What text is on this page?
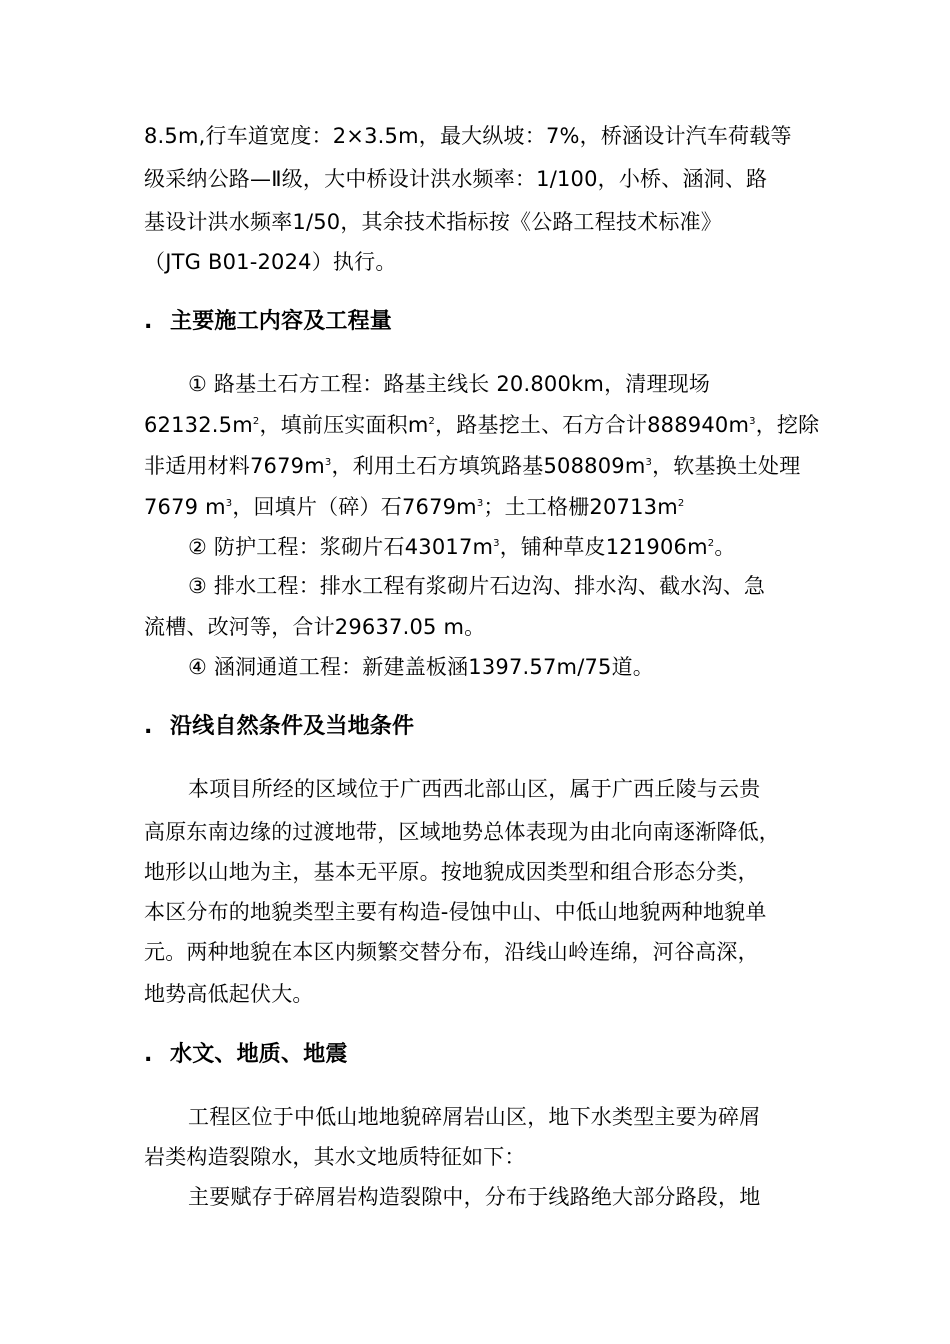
8.5m,行车道宽度：2×3.5m，最大纵坡：7%，桥涵设计汽车荷载等
级采纳公路—Ⅱ级，大中桥设计洪水频率：1/100，小桥、涵洞、路
基设计洪水频率1/50，其余技术指标按《公路工程技术标准》
（JTG B01-2024）执行。
. 主要施工内容及工程量
① 路基土石方工程：路基主线长 20.800km，清理现场
$62132.5m^2$，填前压实面积$m^2$，路基挖土、石方合计$888940m^3$，挖除
非适用材料$7679m^3$，利用土石方填筑路基$508809m^3$，软基换土处理
7679 $m^3$，回填片（碎）石$7679m^3$；土工格栅$20713m^2$
② 防护工程：浆砌片石$43017m^3$，铺种草皮$121906m^2$。
③ 排水工程：排水工程有浆砌片石边沟、排水沟、截水沟、急
流槽、改河等，合计29637.05 m。
④ 涵洞通道工程：新建盖板涵1397.57m/75道。
. 沿线自然条件及当地条件
本项目所经的区域位于广西西北部山区，属于广西丘陵与云贵
高原东南边缘的过渡地带，区域地势总体表现为由北向南逐渐降低，
地形以山地为主，基本无平原。按地貌成因类型和组合形态分类，
本区分布的地貌类型主要有构造-侵蚀中山、中低山地貌两种地貌单
元。两种地貌在本区内频繁交替分布，沿线山岭连绵，河谷高深，
地势高低起伏大。
. 水文、地质、地震
工程区位于中低山地地貌碎屑岩山区，地下水类型主要为碎屑
岩类构造裂隙水，其水文地质特征如下：
主要赋存于碎屑岩构造裂隙中，分布于线路绝大部分路段，地
